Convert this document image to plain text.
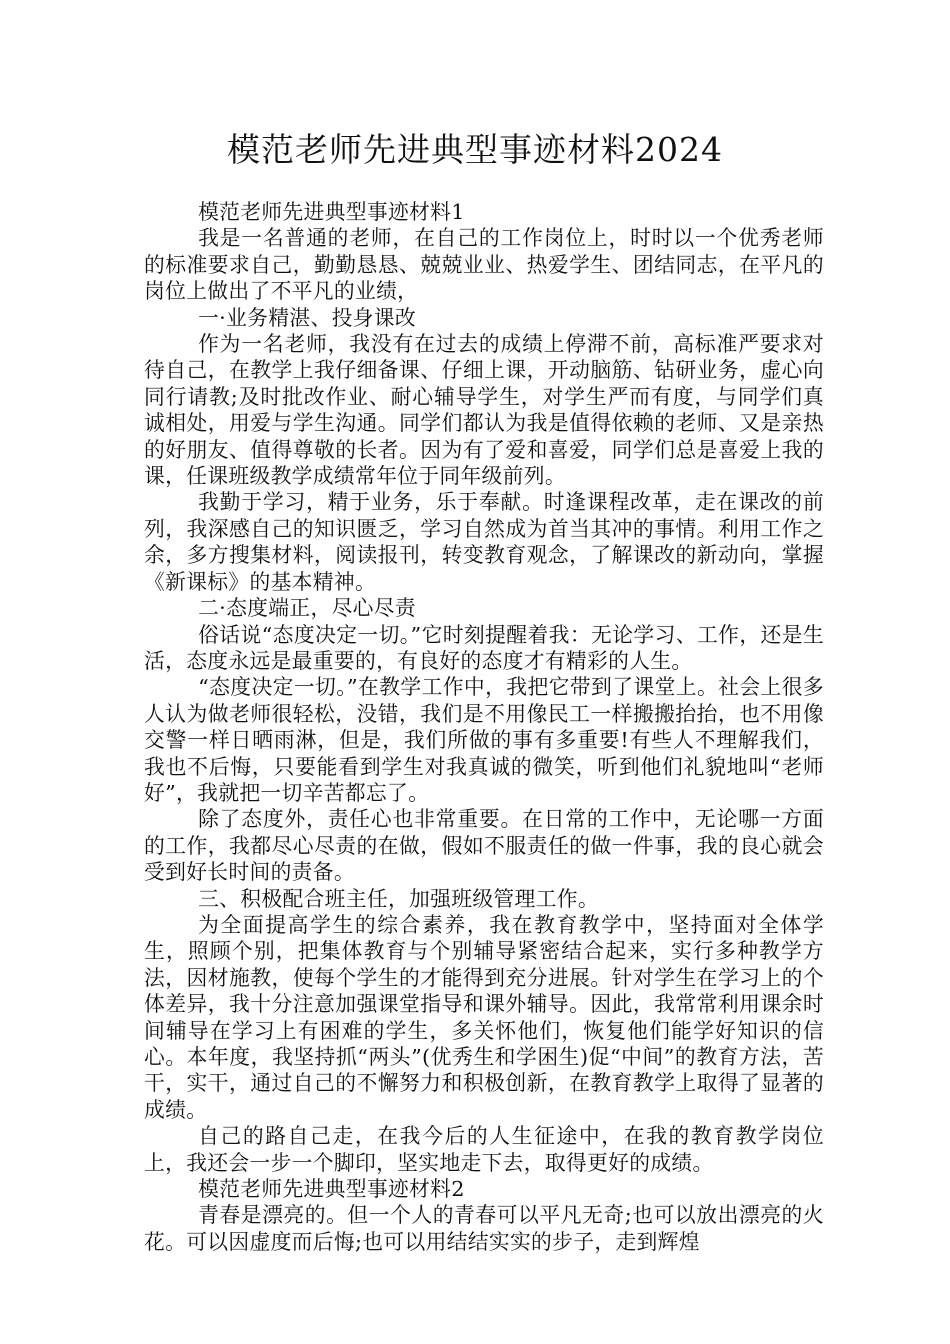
模范老师先进典型事迹材料2024

模范老师先进典型事迹材料1

我是一名普通的老师，在自己的工作岗位上，时时以一个优秀老师的标准要求自己，勤勤恳恳、兢兢业业、热爱学生、团结同志，在平凡的岗位上做出了不平凡的业绩，

一·业务精湛、投身课改

作为一名老师，我没有在过去的成绩上停滞不前，高标准严要求对待自己，在教学上我仔细备课、仔细上课，开动脑筋、钻研业务，虚心向同行请教;及时批改作业、耐心辅导学生，对学生严而有度，与同学们真诚相处，用爱与学生沟通。同学们都认为我是值得依赖的老师、又是亲热的好朋友、值得尊敬的长者。因为有了爱和喜爱，同学们总是喜爱上我的课，任课班级教学成绩常年位于同年级前列。

我勤于学习，精于业务，乐于奉献。时逢课程改革，走在课改的前列，我深感自己的知识匮乏，学习自然成为首当其冲的事情。利用工作之余，多方搜集材料，阅读报刊，转变教育观念，了解课改的新动向，掌握《新课标》的基本精神。

二·态度端正，尽心尽责

俗话说“态度决定一切。”它时刻提醒着我：无论学习、工作，还是生活，态度永远是最重要的，有良好的态度才有精彩的人生。

“态度决定一切。”在教学工作中，我把它带到了课堂上。社会上很多人认为做老师很轻松，没错，我们是不用像民工一样搬搬抬抬，也不用像交警一样日晒雨淋，但是，我们所做的事有多重要!有些人不理解我们，我也不后悔，只要能看到学生对我真诚的微笑，听到他们礼貌地叫“老师好”，我就把一切辛苦都忘了。

除了态度外，责任心也非常重要。在日常的工作中，无论哪一方面的工作，我都尽心尽责的在做，假如不服责任的做一件事，我的良心就会受到好长时间的责备。

三、积极配合班主任，加强班级管理工作。

为全面提高学生的综合素养，我在教育教学中，坚持面对全体学生，照顾个别，把集体教育与个别辅导紧密结合起来，实行多种教学方法，因材施教，使每个学生的才能得到充分进展。针对学生在学习上的个体差异，我十分注意加强课堂指导和课外辅导。因此，我常常利用课余时间辅导在学习上有困难的学生，多关怀他们，恢复他们能学好知识的信心。本年度，我坚持抓“两头”(优秀生和学困生)促“中间”的教育方法，苦干，实干，通过自己的不懈努力和积极创新，在教育教学上取得了显著的成绩。

自己的路自己走，在我今后的人生征途中，在我的教育教学岗位上，我还会一步一个脚印，坚实地走下去，取得更好的成绩。

模范老师先进典型事迹材料2

青春是漂亮的。但一个人的青春可以平凡无奇;也可以放出漂亮的火花。可以因虚度而后悔;也可以用结结实实的步子，走到辉煌
